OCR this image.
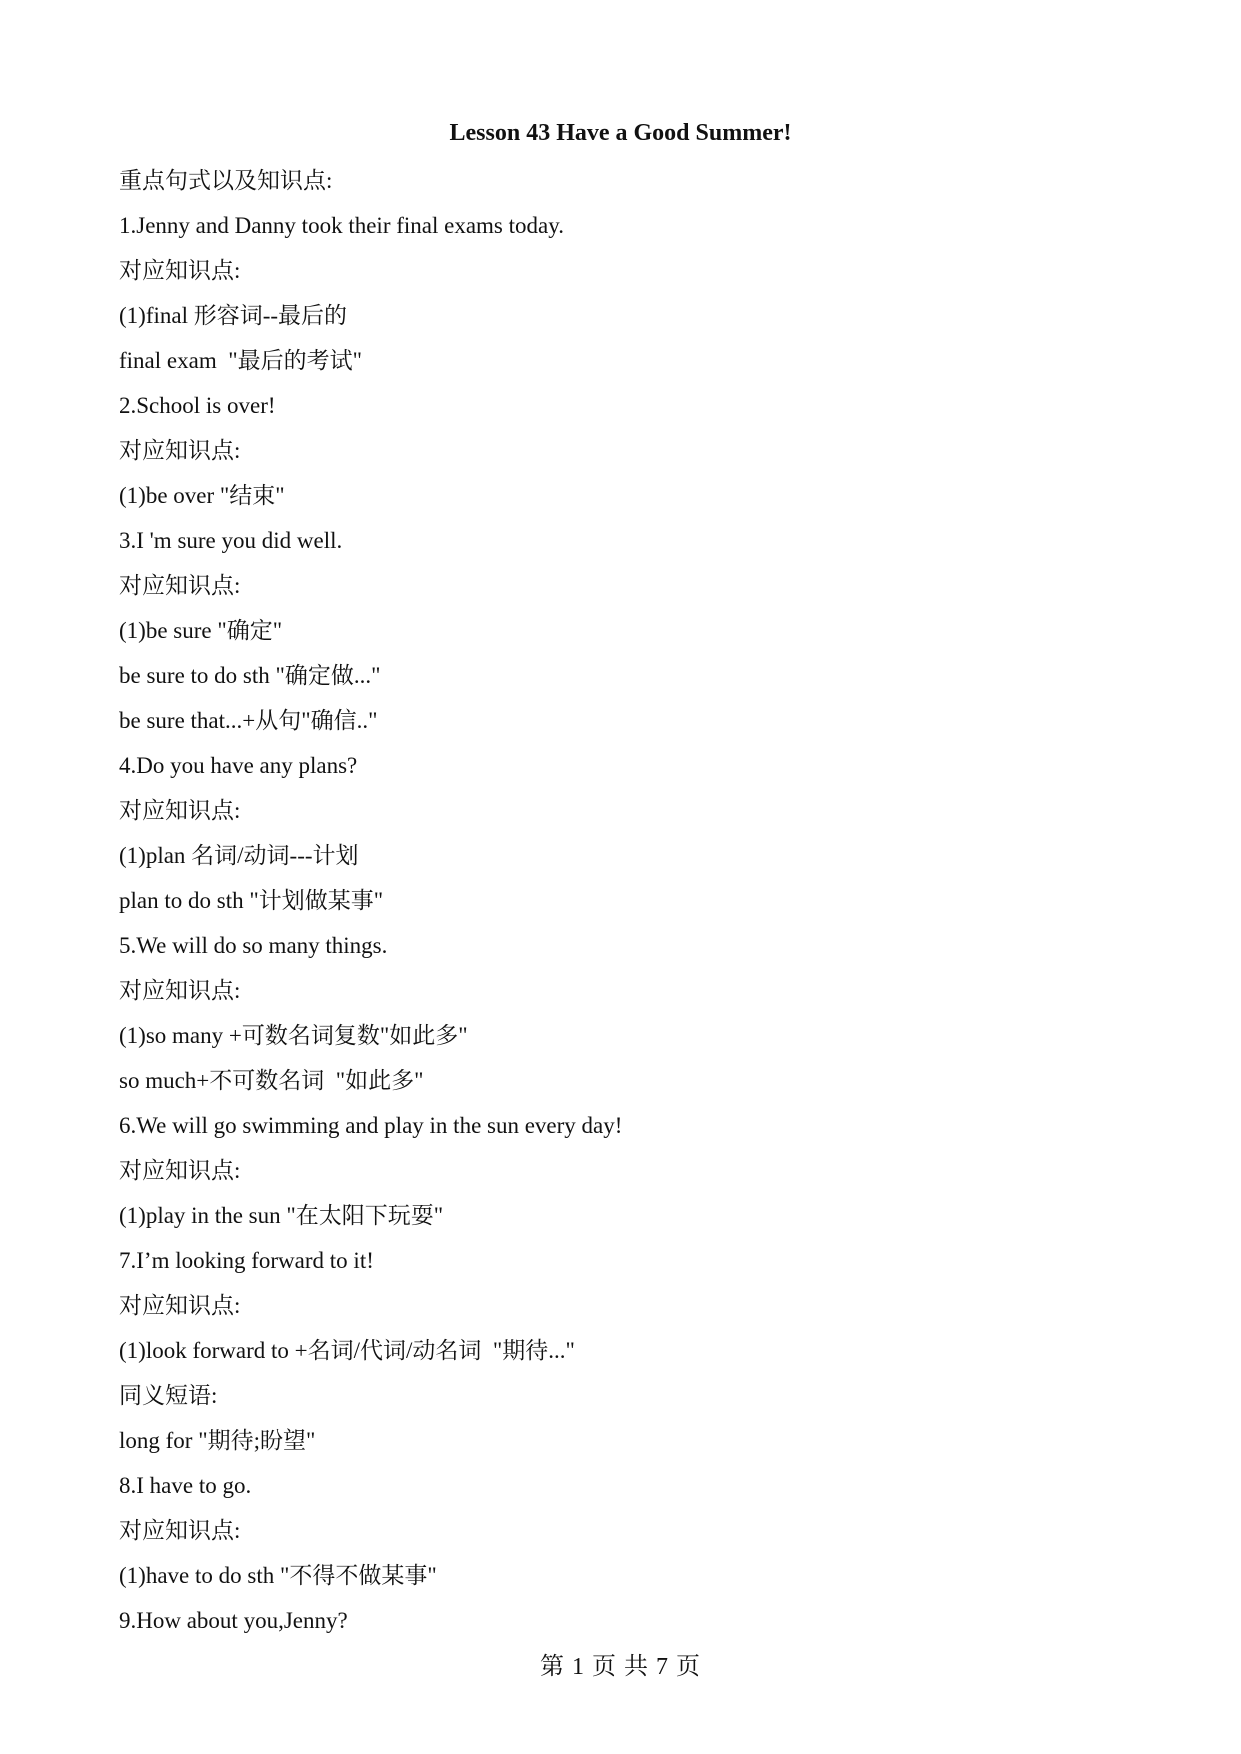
Lesson 43 Have a Good Summer!
重点句式以及知识点:
1.Jenny and Danny took their final exams today.
对应知识点:
(1)final 形容词--最后的
final exam  "最后的考试"
2.School is over!
对应知识点:
(1)be over "结束"
3.I 'm sure you did well.
对应知识点:
(1)be sure "确定"
be sure to do sth "确定做..."
be sure that...+从句"确信.."
4.Do you have any plans?
对应知识点:
(1)plan 名词/动词---计划
plan to do sth "计划做某事"
5.We will do so many things.
对应知识点:
(1)so many +可数名词复数"如此多"
so much+不可数名词  "如此多"
6.We will go swimming and play in the sun every day!
对应知识点:
(1)play in the sun "在太阳下玩耍"
7.I’m looking forward to it!
对应知识点:
(1)look forward to +名词/代词/动名词  "期待..."
同义短语:
long for "期待;盼望"
8.I have to go.
对应知识点:
(1)have to do sth "不得不做某事"
9.How about you,Jenny?
第 1 页 共 7 页
